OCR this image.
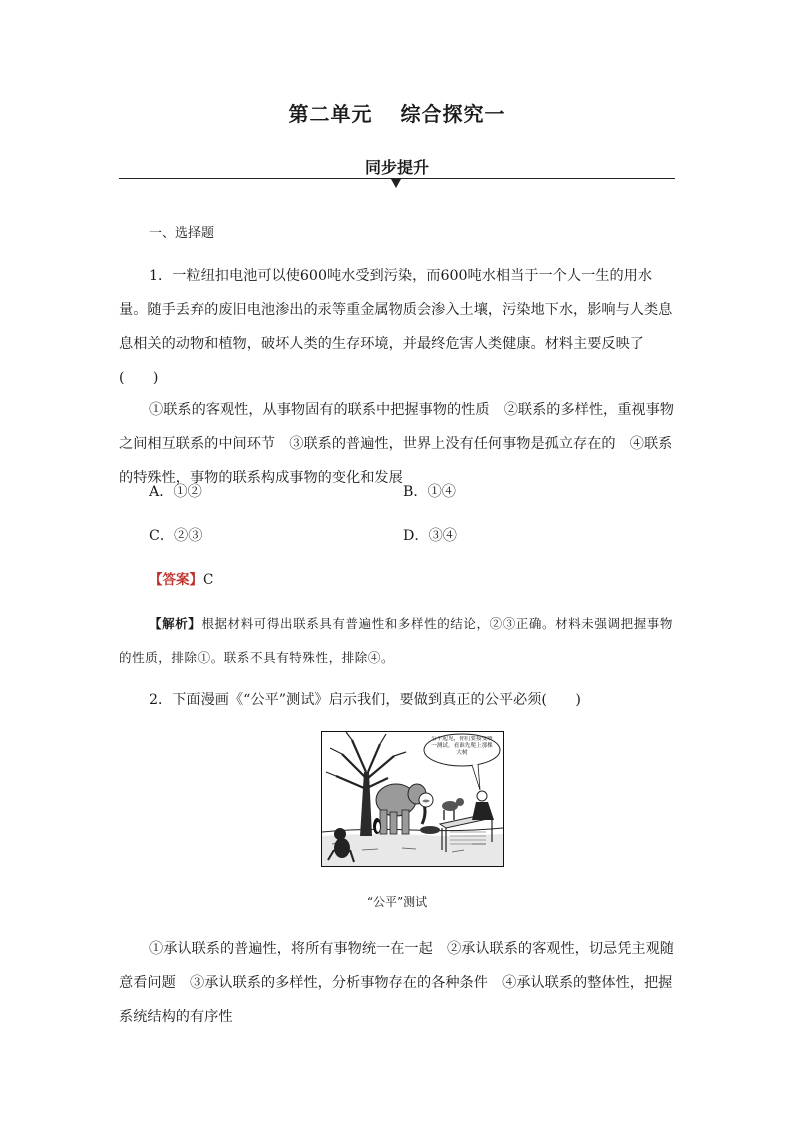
第二单元 综合探究一
同步提升
一、选择题
1．一粒纽扣电池可以使600吨水受到污染，而600吨水相当于一个人一生的用水量。随手丢弃的废旧电池渗出的汞等重金属物质会渗入土壤，污染地下水，影响与人类息息相关的动物和植物，破坏人类的生存环境，并最终危害人类健康。材料主要反映了(　　)
①联系的客观性，从事物固有的联系中把握事物的性质　②联系的多样性，重视事物之间相互联系的中间环节　③联系的普遍性，世界上没有任何事物是孤立存在的　④联系的特殊性，事物的联系构成事物的变化和发展
A．①②	B．①④
C．②③	D．③④
【答案】C
【解析】根据材料可得出联系具有普遍性和多样性的结论，②③正确。材料未强调把握事物的性质，排除①。联系不具有特殊性，排除④。
2．下面漫画《“公平”测试》启示我们，要做到真正的公平必须(　　)
公平起见，你们要接受统一测试，看谁先爬上那棵大树
“公平”测试
①承认联系的普遍性，将所有事物统一在一起　②承认联系的客观性，切忌凭主观随意看问题　③承认联系的多样性，分析事物存在的各种条件　④承认联系的整体性，把握系统结构的有序性
